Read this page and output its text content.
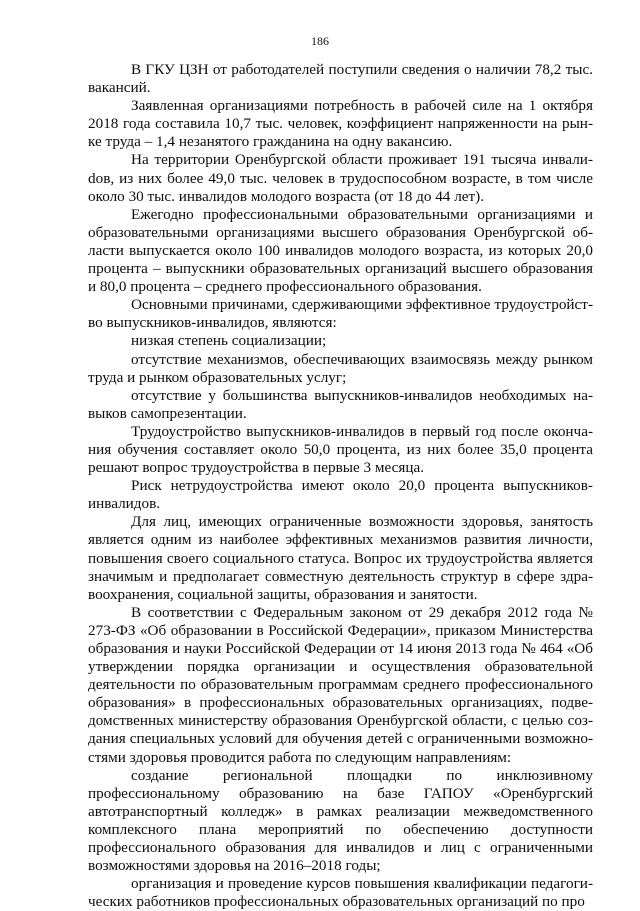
186

В ГКУ ЦЗН от работодателей поступили сведения о наличии 78,2 тыс. вакансий.

Заявленная организациями потребность в рабочей силе на 1 октября 2018 года составила 10,7 тыс. человек, коэффициент напряженности на рынке труда – 1,4 незанятого гражданина на одну вакансию.

На территории Оренбургской области проживает 191 тысяча инвалиdов, из них более 49,0 тыс. человек в трудоспособном возрасте, в том числе около 30 тыс. инвалидов молодого возраста (от 18 до 44 лет).

Ежегодно профессиональными образовательными организациями и образовательными организациями высшего образования Оренбургской области выпускается около 100 инвалидов молодого возраста, из которых 20,0 процента – выпускники образовательных организаций высшего образования и 80,0 процента – среднего профессионального образования.

Основными причинами, сдерживающими эффективное трудоустройство выпускников-инвалидов, являются:

низкая степень социализации;

отсутствие механизмов, обеспечивающих взаимосвязь между рынком труда и рынком образовательных услуг;

отсутствие у большинства выпускников-инвалидов необходимых навыков самопрезентации.

Трудоустройство выпускников-инвалидов в первый год после окончания обучения составляет около 50,0 процента, из них более 35,0 процента решают вопрос трудоустройства в первые 3 месяца.

Риск нетрудоустройства имеют около 20,0 процента выпускников-инвалидов.

Для лиц, имеющих ограниченные возможности здоровья, занятость является одним из наиболее эффективных механизмов развития личности, повышения своего социального статуса. Вопрос их трудоустройства является значимым и предполагает совместную деятельность структур в сфере здравоохранения, социальной защиты, образования и занятости.

В соответствии с Федеральным законом от 29 декабря 2012 года № 273-ФЗ «Об образовании в Российской Федерации», приказом Министерства образования и науки Российской Федерации от 14 июня 2013 года № 464 «Об утверждении порядка организации и осуществления образовательной деятельности по образовательным программам среднего профессионального образования» в профессиональных образовательных организациях, подведомственных министерству образования Оренбургской области, с целью создания специальных условий для обучения детей с ограниченными возможностями здоровья проводится работа по следующим направлениям:

создание региональной площадки по инклюзивному профессиональному образованию на базе ГАПОУ «Оренбургский автотранспортный колледж» в рамках реализации межведомственного комплексного плана мероприятий по обеспечению доступности профессионального образования для инвалидов и лиц с ограниченными возможностями здоровья на 2016–2018 годы;

организация и проведение курсов повышения квалификации педагогических работников профессиональных образовательных организаций по про
